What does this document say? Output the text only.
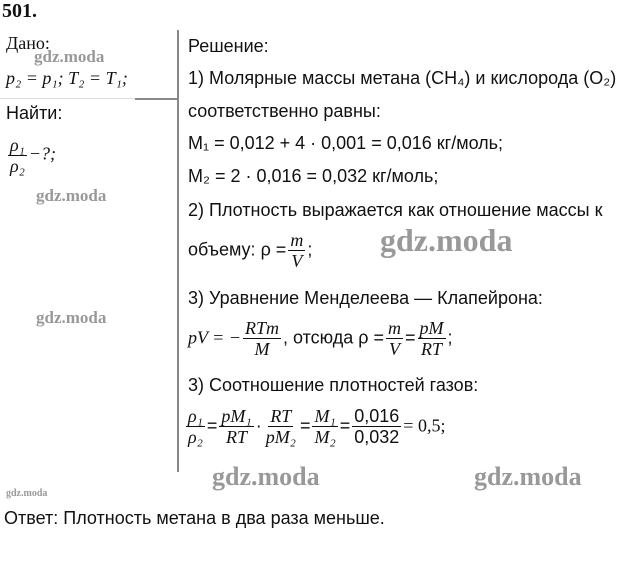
501.
Дано:
p₂ = p₁; T₂ = T₁;
Найти:
$\frac{\text{ρ₁}}{\text{ρ₂}}$ −?;
Решение:
1) Молярные массы метана (CH₄) и кислорода (O₂)
соответственно равны:
M₁ = 0,012 + 4 · 0,001 = 0,016 кг/моль;
M₂ = 2 · 0,016 = 0,032 кг/моль;
2) Плотность выражается как отношение массы к
объему: $\rho = \frac{m}{V}$ ;
3) Уравнение Менделеева — Клапейрона:
pV = − $\frac{\text{RTm}}{M}$ , отсюда $\rho = \frac{m}{V} = \frac{pM}{RT}$ ;
3) Соотношение плотностей газов:
$\frac{\text{ρ₁}}{\text{ρ₂}} = \frac{\text{pM₁}}{RT} \cdot \frac{RT}{\text{pM₂}} = \frac{\text{M₁}}{\text{M₂}} = \frac{0,016}{0,032} = 0,5$;
Ответ: Плотность метана в два раза меньше.
gdz.moda
gdz.moda
gdz.moda
gdz.moda
gdz.moda	gdz.moda
gdz.moda
